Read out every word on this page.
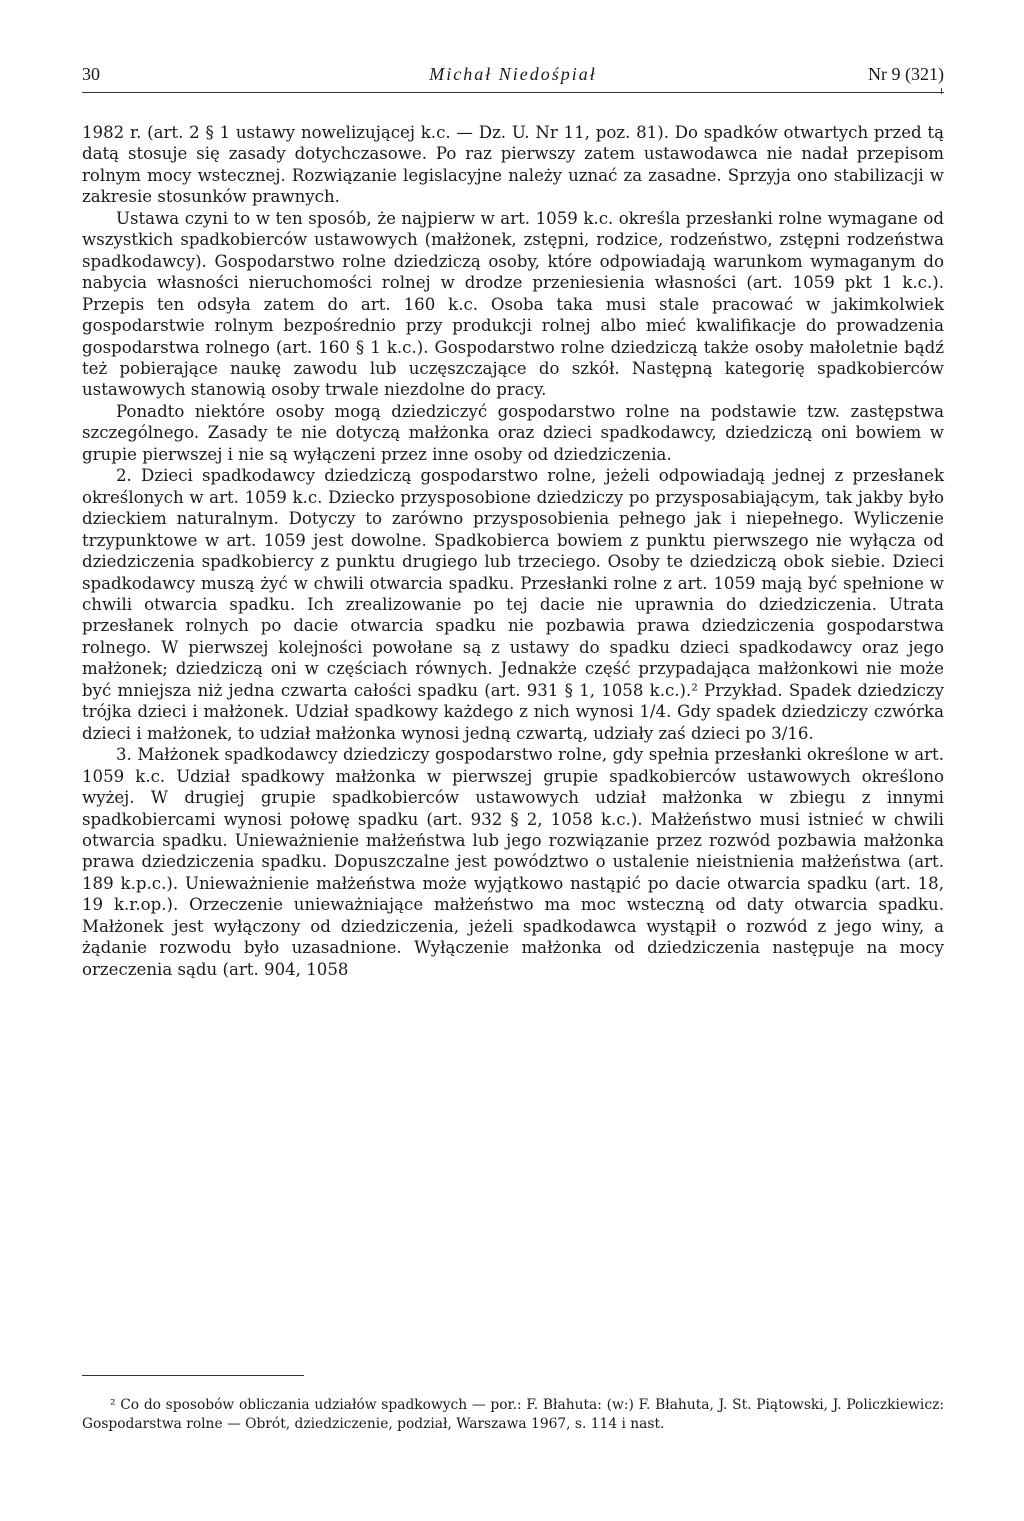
30	Michał Niedośpiał	Nr 9 (321)

1982 r. (art. 2 § 1 ustawy nowelizującej k.c. — Dz. U. Nr 11, poz. 81). Do spadków otwartych przed tą datą stosuje się zasady dotychczasowe. Po raz pierwszy zatem ustawodawca nie nadał przepisom rolnym mocy wstecznej. Rozwiązanie legislacyjne należy uznać za zasadne. Sprzyja ono stabilizacji w zakresie stosunków prawnych.

Ustawa czyni to w ten sposób, że najpierw w art. 1059 k.c. określa przesłanki rolne wymagane od wszystkich spadkobierców ustawowych (małżonek, zstępni, rodzice, rodzeństwo, zstępni rodzeństwa spadkodawcy). Gospodarstwo rolne dziedziczą osoby, które odpowiadają warunkom wymaganym do nabycia własności nieruchomości rolnej w drodze przeniesienia własności (art. 1059 pkt 1 k.c.). Przepis ten odsyła zatem do art. 160 k.c. Osoba taka musi stale pracować w jakimkolwiek gospodarstwie rolnym bezpośrednio przy produkcji rolnej albo mieć kwalifikacje do prowadzenia gospodarstwa rolnego (art. 160 § 1 k.c.). Gospodarstwo rolne dziedziczą także osoby małoletnie bądź też pobierające naukę zawodu lub uczęszczające do szkół. Następną kategorię spadkobierców ustawowych stanowią osoby trwale niezdolne do pracy.

Ponadto niektóre osoby mogą dziedziczyć gospodarstwo rolne na podstawie tzw. zastępstwa szczególnego. Zasady te nie dotyczą małżonka oraz dzieci spadkodawcy, dziedziczą oni bowiem w grupie pierwszej i nie są wyłączeni przez inne osoby od dziedziczenia.

2. Dzieci spadkodawcy dziedziczą gospodarstwo rolne, jeżeli odpowiadają jednej z przesłanek określonych w art. 1059 k.c. Dziecko przysposobione dziedziczy po przysposabiającym, tak jakby było dzieckiem naturalnym. Dotyczy to zarówno przysposobienia pełnego jak i niepełnego. Wyliczenie trzypunktowe w art. 1059 jest dowolne. Spadkobierca bowiem z punktu pierwszego nie wyłącza od dziedziczenia spadkobiercy z punktu drugiego lub trzeciego. Osoby te dziedziczą obok siebie. Dzieci spadkodawcy muszą żyć w chwili otwarcia spadku. Przesłanki rolne z art. 1059 mają być spełnione w chwili otwarcia spadku. Ich zrealizowanie po tej dacie nie uprawnia do dziedziczenia. Utrata przesłanek rolnych po dacie otwarcia spadku nie pozbawia prawa dziedziczenia gospodarstwa rolnego. W pierwszej kolejności powołane są z ustawy do spadku dzieci spadkodawcy oraz jego małżonek; dziedziczą oni w częściach równych. Jednakże część przypadająca małżonkowi nie może być mniejsza niż jedna czwarta całości spadku (art. 931 § 1, 1058 k.c.).² Przykład. Spadek dziedziczy trójka dzieci i małżonek. Udział spadkowy każdego z nich wynosi 1/4. Gdy spadek dziedziczy czwórka dzieci i małżonek, to udział małżonka wynosi jedną czwartą, udziały zaś dzieci po 3/16.

3. Małżonek spadkodawcy dziedziczy gospodarstwo rolne, gdy spełnia przesłanki określone w art. 1059 k.c. Udział spadkowy małżonka w pierwszej grupie spadkobierców ustawowych określono wyżej. W drugiej grupie spadkobierców ustawowych udział małżonka w zbiegu z innymi spadkobiercami wynosi połowę spadku (art. 932 § 2, 1058 k.c.). Małżeństwo musi istnieć w chwili otwarcia spadku. Unieważnienie małżeństwa lub jego rozwiązanie przez rozwód pozbawia małżonka prawa dziedziczenia spadku. Dopuszczalne jest powództwo o ustalenie nieistnienia małżeństwa (art. 189 k.p.c.). Unieważnienie małżeństwa może wyjątkowo nastąpić po dacie otwarcia spadku (art. 18, 19 k.r.op.). Orzeczenie unieważniające małżeństwo ma moc wsteczną od daty otwarcia spadku. Małżonek jest wyłączony od dziedziczenia, jeżeli spadkodawca wystąpił o rozwód z jego winy, a żądanie rozwodu było uzasadnione. Wyłączenie małżonka od dziedziczenia następuje na mocy orzeczenia sądu (art. 904, 1058

² Co do sposobów obliczania udziałów spadkowych — por.: F. Błahuta: (w:) F. Błahuta, J. St. Piątowski, J. Policzkiewicz: Gospodarstwa rolne — Obrót, dziedziczenie, podział, Warszawa 1967, s. 114 i nast.
